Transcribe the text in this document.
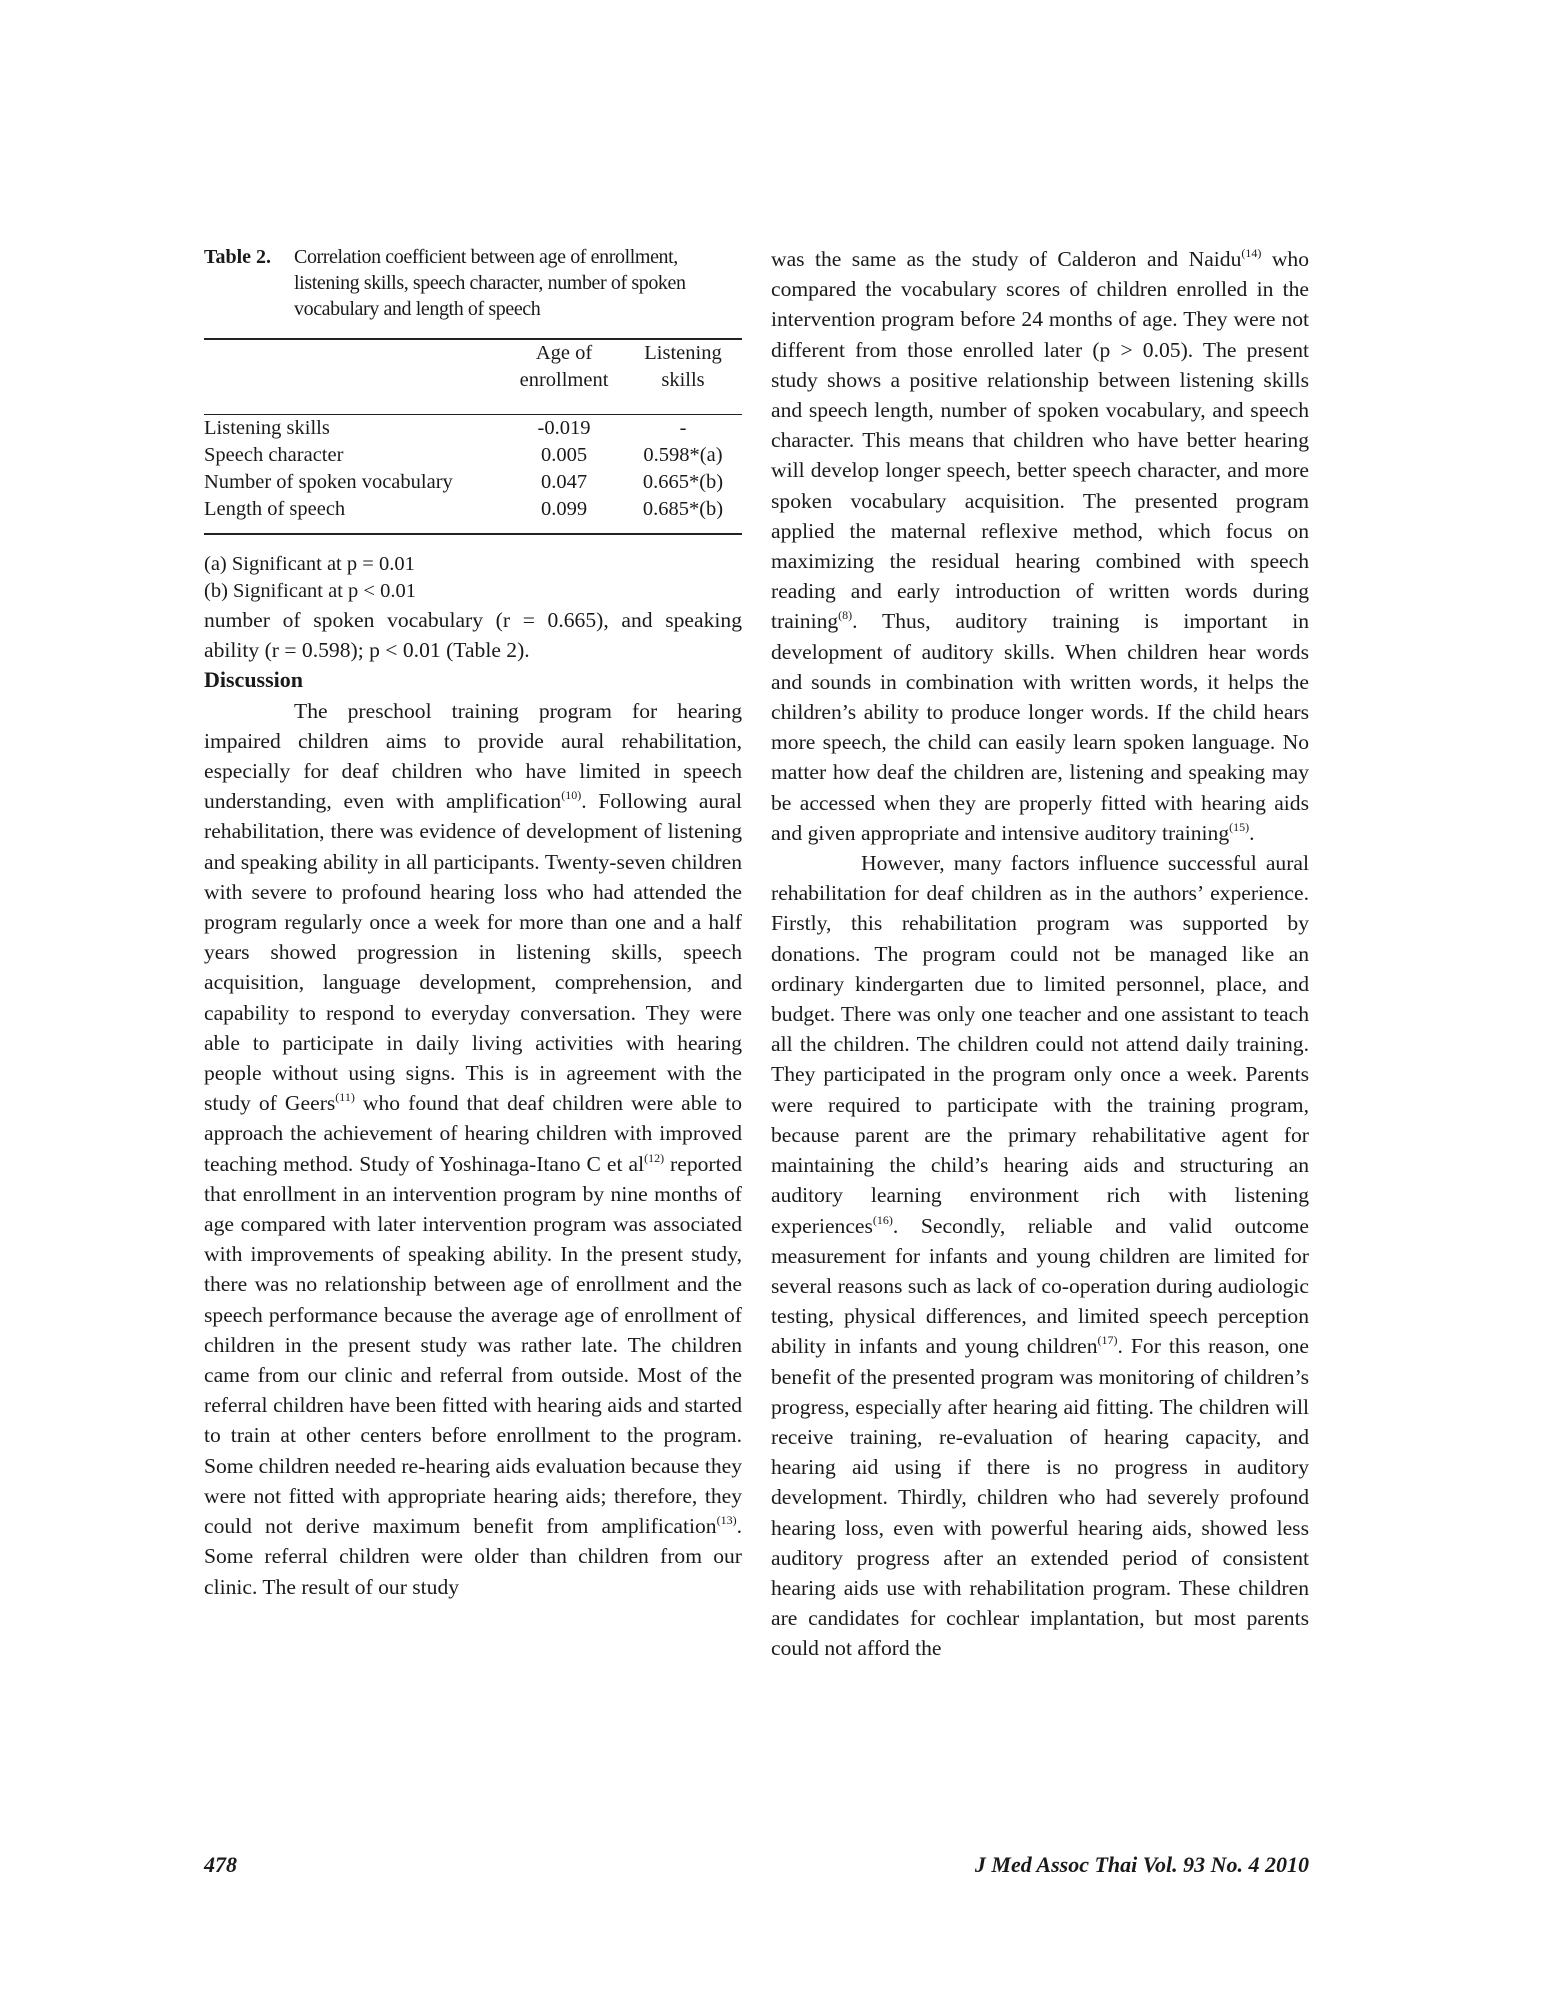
Table 2.	Correlation coefficient between age of enrollment, listening skills, speech character, number of spoken vocabulary and length of speech
	Age of enrollment	Listening skills
Listening skills	-0.019	-
Speech character	0.005	0.598*(a)
Number of spoken vocabulary	0.047	0.665*(b)
Length of speech	0.099	0.685*(b)
(a) Significant at p = 0.01
(b) Significant at p < 0.01

number of spoken vocabulary (r = 0.665), and speaking ability (r = 0.598); p < 0.01 (Table 2).

Discussion

The preschool training program for hearing impaired children aims to provide aural rehabilitation, especially for deaf children who have limited in speech understanding, even with amplification$^{(10)}$. Following aural rehabilitation, there was evidence of development of listening and speaking ability in all participants. Twenty-seven children with severe to profound hearing loss who had attended the program regularly once a week for more than one and a half years showed progression in listening skills, speech acquisition, language development, comprehension, and capability to respond to everyday conversation. They were able to participate in daily living activities with hearing people without using signs. This is in agreement with the study of Geers$^{(11)}$ who found that deaf children were able to approach the achievement of hearing children with improved teaching method. Study of Yoshinaga-Itano C et $al^{(12)}$ reported that enrollment in an intervention program by nine months of age compared with later intervention program was associated with improvements of speaking ability. In the present study, there was no relationship between age of enrollment and the speech performance because the average age of enrollment of children in the present study was rather late. The children came from our clinic and referral from outside. Most of the referral children have been fitted with hearing aids and started to train at other centers before enrollment to the program. Some children needed re-hearing aids evaluation because they were not fitted with appropriate hearing aids; therefore, they could not derive maximum benefit from amplification$^{(13)}$. Some referral children were older than children from our clinic. The result of our study

was the same as the study of Calderon and Naidu$^{(14)}$ who compared the vocabulary scores of children enrolled in the intervention program before 24 months of age. They were not different from those enrolled later (p > 0.05). The present study shows a positive relationship between listening skills and speech length, number of spoken vocabulary, and speech character. This means that children who have better hearing will develop longer speech, better speech character, and more spoken vocabulary acquisition. The presented program applied the maternal reflexive method, which focus on maximizing the residual hearing combined with speech reading and early introduction of written words during training$^{(8)}$. Thus, auditory training is important in development of auditory skills. When children hear words and sounds in combination with written words, it helps the children’s ability to produce longer words. If the child hears more speech, the child can easily learn spoken language. No matter how deaf the children are, listening and speaking may be accessed when they are properly fitted with hearing aids and given appropriate and intensive auditory training$^{(15)}$.

However, many factors influence successful aural rehabilitation for deaf children as in the authors’ experience. Firstly, this rehabilitation program was supported by donations. The program could not be managed like an ordinary kindergarten due to limited personnel, place, and budget. There was only one teacher and one assistant to teach all the children. The children could not attend daily training. They participated in the program only once a week. Parents were required to participate with the training program, because parent are the primary rehabilitative agent for maintaining the child’s hearing aids and structuring an auditory learning environment rich with listening experiences$^{(16)}$. Secondly, reliable and valid outcome measurement for infants and young children are limited for several reasons such as lack of co-operation during audiologic testing, physical differences, and limited speech perception ability in infants and young children$^{(17)}$. For this reason, one benefit of the presented program was monitoring of children’s progress, especially after hearing aid fitting. The children will receive training, re-evaluation of hearing capacity, and hearing aid using if there is no progress in auditory development. Thirdly, children who had severely profound hearing loss, even with powerful hearing aids, showed less auditory progress after an extended period of consistent hearing aids use with rehabilitation program. These children are candidates for cochlear implantation, but most parents could not afford the

478	J Med Assoc Thai Vol. 93 No. 4 2010
